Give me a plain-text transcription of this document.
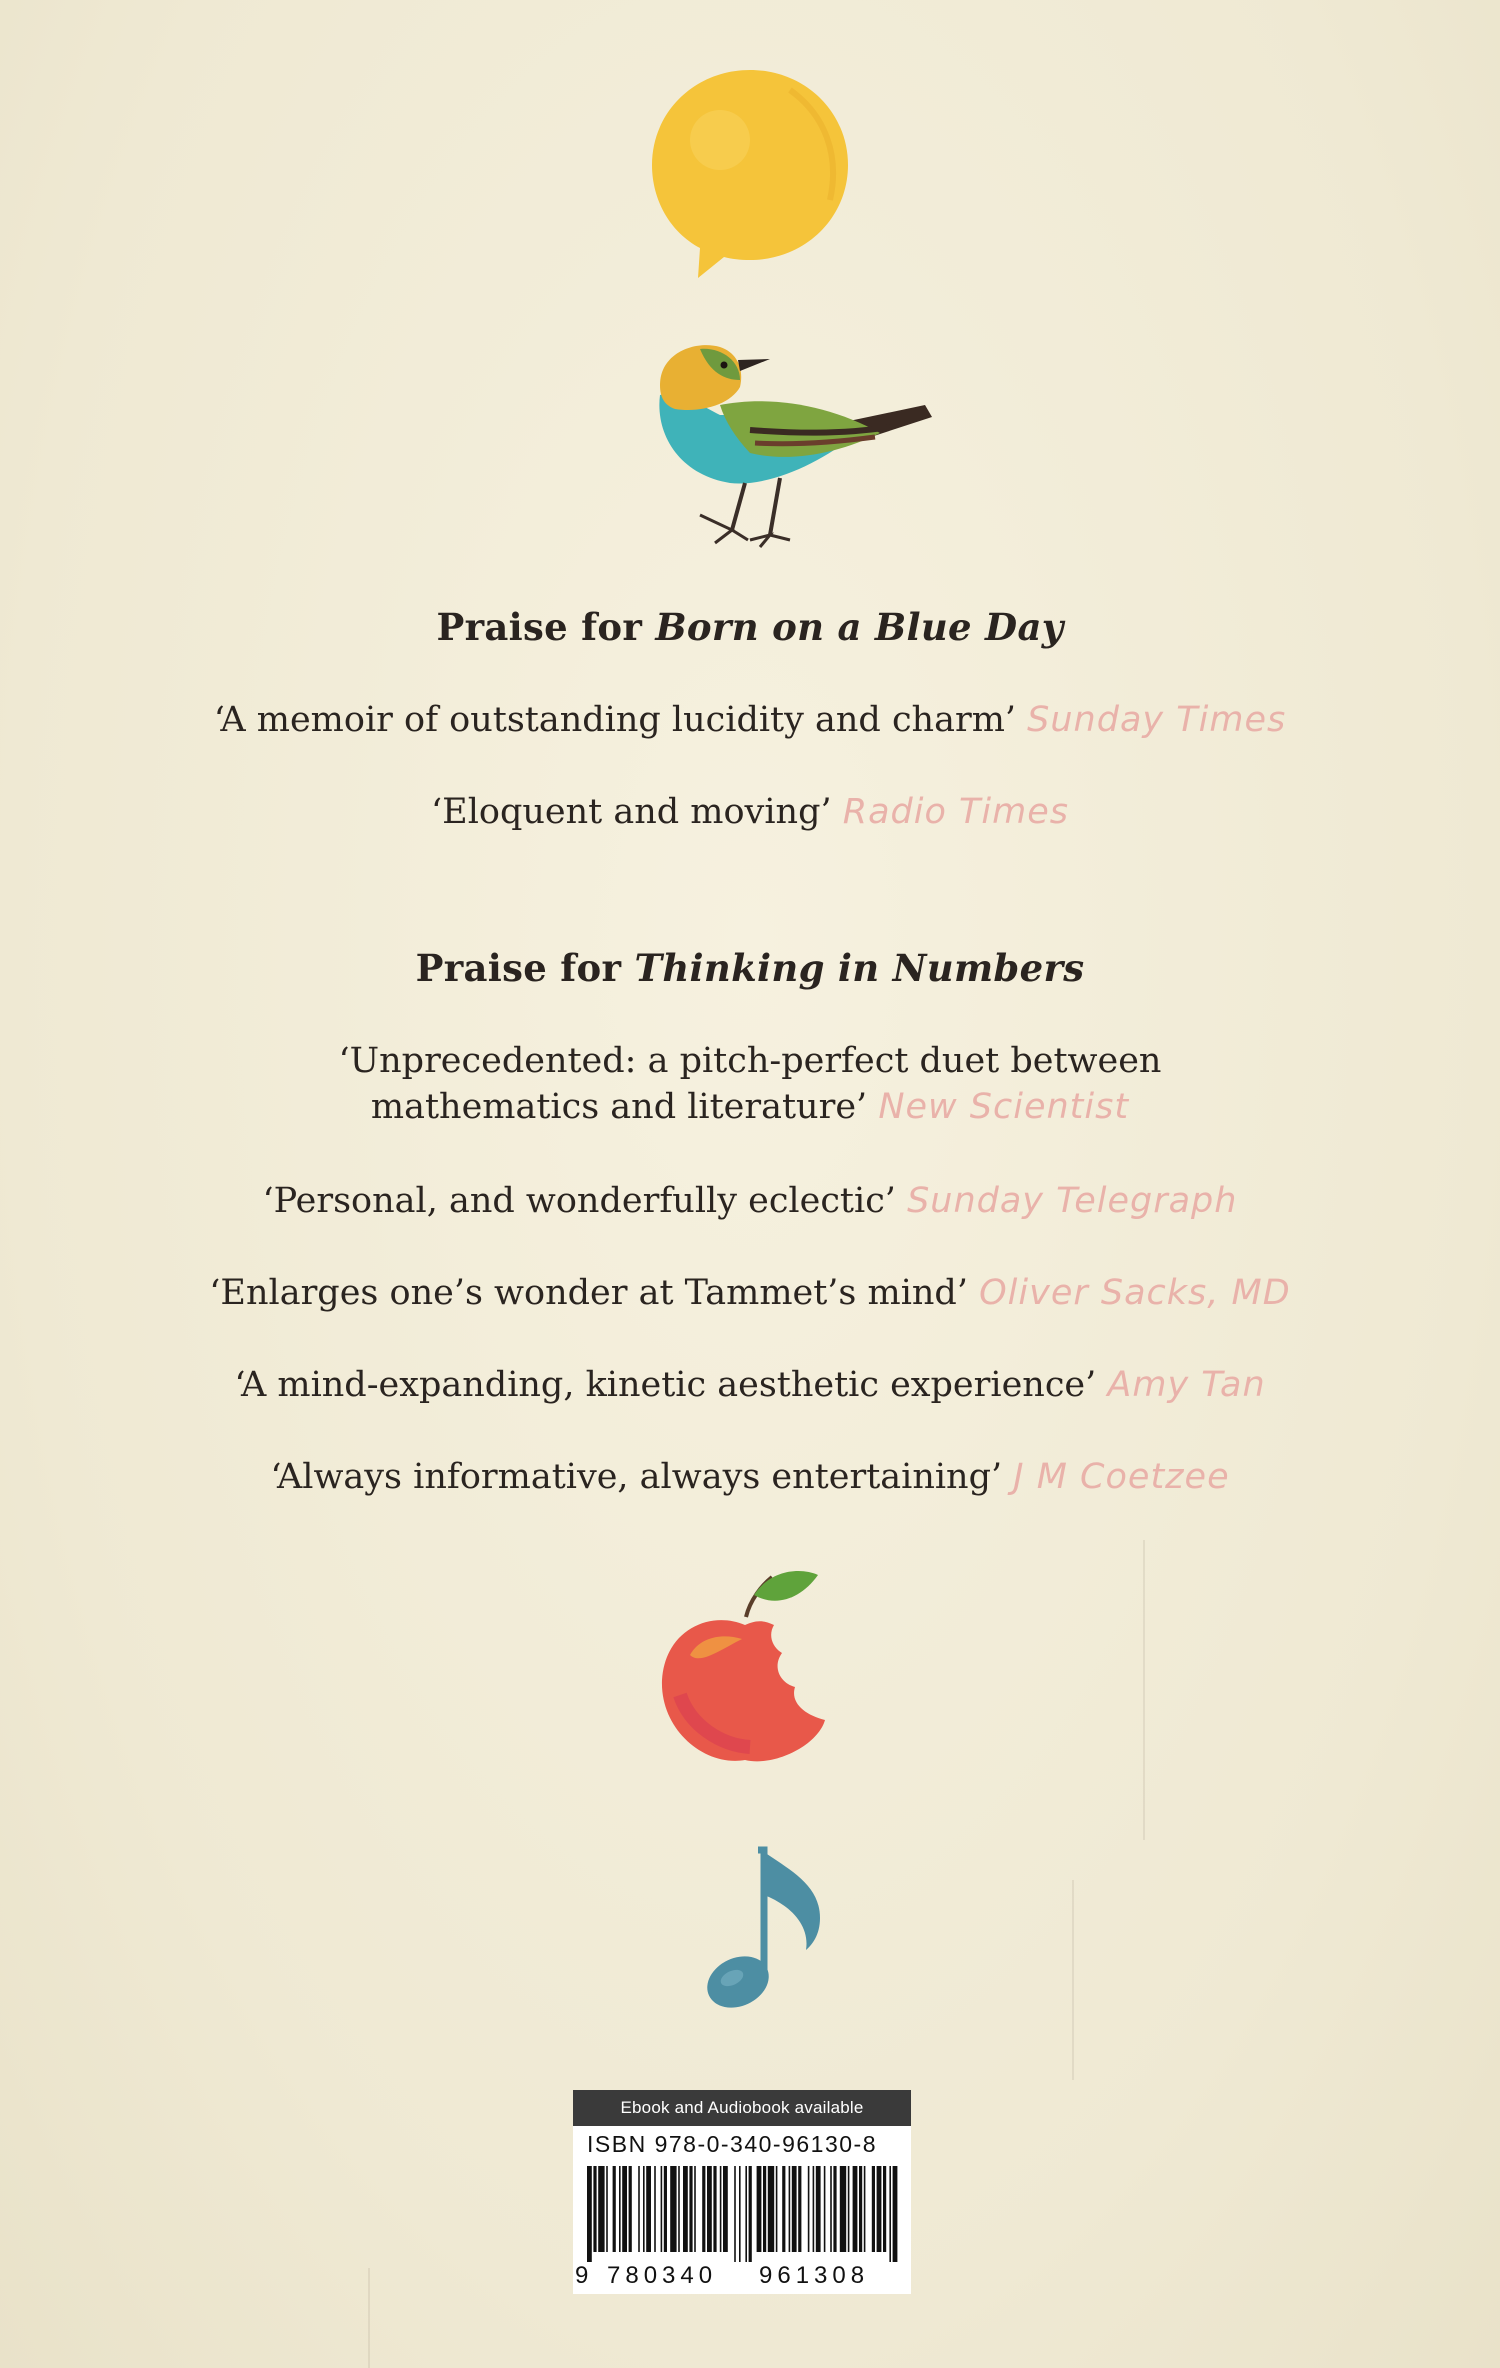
Praise for Born on a Blue Day
‘A memoir of outstanding lucidity and charm’ Sunday Times
‘Eloquent and moving’ Radio Times
Praise for Thinking in Numbers
‘Unprecedented: a pitch-perfect duet between
mathematics and literature’ New Scientist
‘Personal, and wonderfully eclectic’ Sunday Telegraph
‘Enlarges one’s wonder at Tammet’s mind’ Oliver Sacks, MD
‘A mind-expanding, kinetic aesthetic experience’ Amy Tan
‘Always informative, always entertaining’ J M Coetzee
Ebook and Audiobook available
ISBN 978-0-340-96130-8
9 780340 961308
